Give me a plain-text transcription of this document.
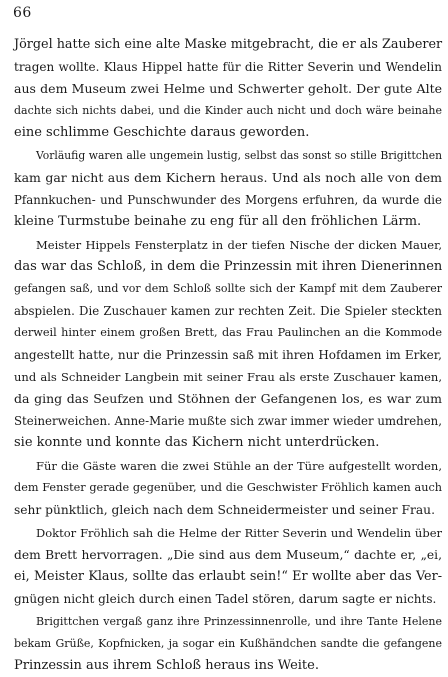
66
Jörgel hatte sich eine alte Maske mitgebracht, die er als Zauberer
tragen wollte. Klaus Hippel hatte für die Ritter Severin und Wendelin
aus dem Museum zwei Helme und Schwerter geholt. Der gute Alte
dachte sich nichts dabei, und die Kinder auch nicht und doch wäre beinahe
eine schlimme Geschichte daraus geworden.
Vorläufig waren alle ungemein lustig, selbst das sonst so stille Brigittchen
kam gar nicht aus dem Kichern heraus. Und als noch alle von dem
Pfannkuchen- und Punschwunder des Morgens erfuhren, da wurde die
kleine Turmstube beinahe zu eng für all den fröhlichen Lärm.
Meister Hippels Fensterplatz in der tiefen Nische der dicken Mauer,
das war das Schloß, in dem die Prinzessin mit ihren Dienerinnen
gefangen saß, und vor dem Schloß sollte sich der Kampf mit dem Zauberer
abspielen. Die Zuschauer kamen zur rechten Zeit. Die Spieler steckten
derweil hinter einem großen Brett, das Frau Paulinchen an die Kommode
angestellt hatte, nur die Prinzessin saß mit ihren Hofdamen im Erker,
und als Schneider Langbein mit seiner Frau als erste Zuschauer kamen,
da ging das Seufzen und Stöhnen der Gefangenen los, es war zum
Steinerweichen. Anne-Marie mußte sich zwar immer wieder umdrehen,
sie konnte und konnte das Kichern nicht unterdrücken.
Für die Gäste waren die zwei Stühle an der Türe aufgestellt worden,
dem Fenster gerade gegenüber, und die Geschwister Fröhlich kamen auch
sehr pünktlich, gleich nach dem Schneidermeister und seiner Frau.
Doktor Fröhlich sah die Helme der Ritter Severin und Wendelin über
dem Brett hervorragen. „Die sind aus dem Museum,“ dachte er, „ei,
ei, Meister Klaus, sollte das erlaubt sein!“ Er wollte aber das Ver-
gnügen nicht gleich durch einen Tadel stören, darum sagte er nichts.
Brigittchen vergaß ganz ihre Prinzessinnenrolle, und ihre Tante Helene
bekam Grüße, Kopfnicken, ja sogar ein Kußhändchen sandte die gefangene
Prinzessin aus ihrem Schloß heraus ins Weite.
